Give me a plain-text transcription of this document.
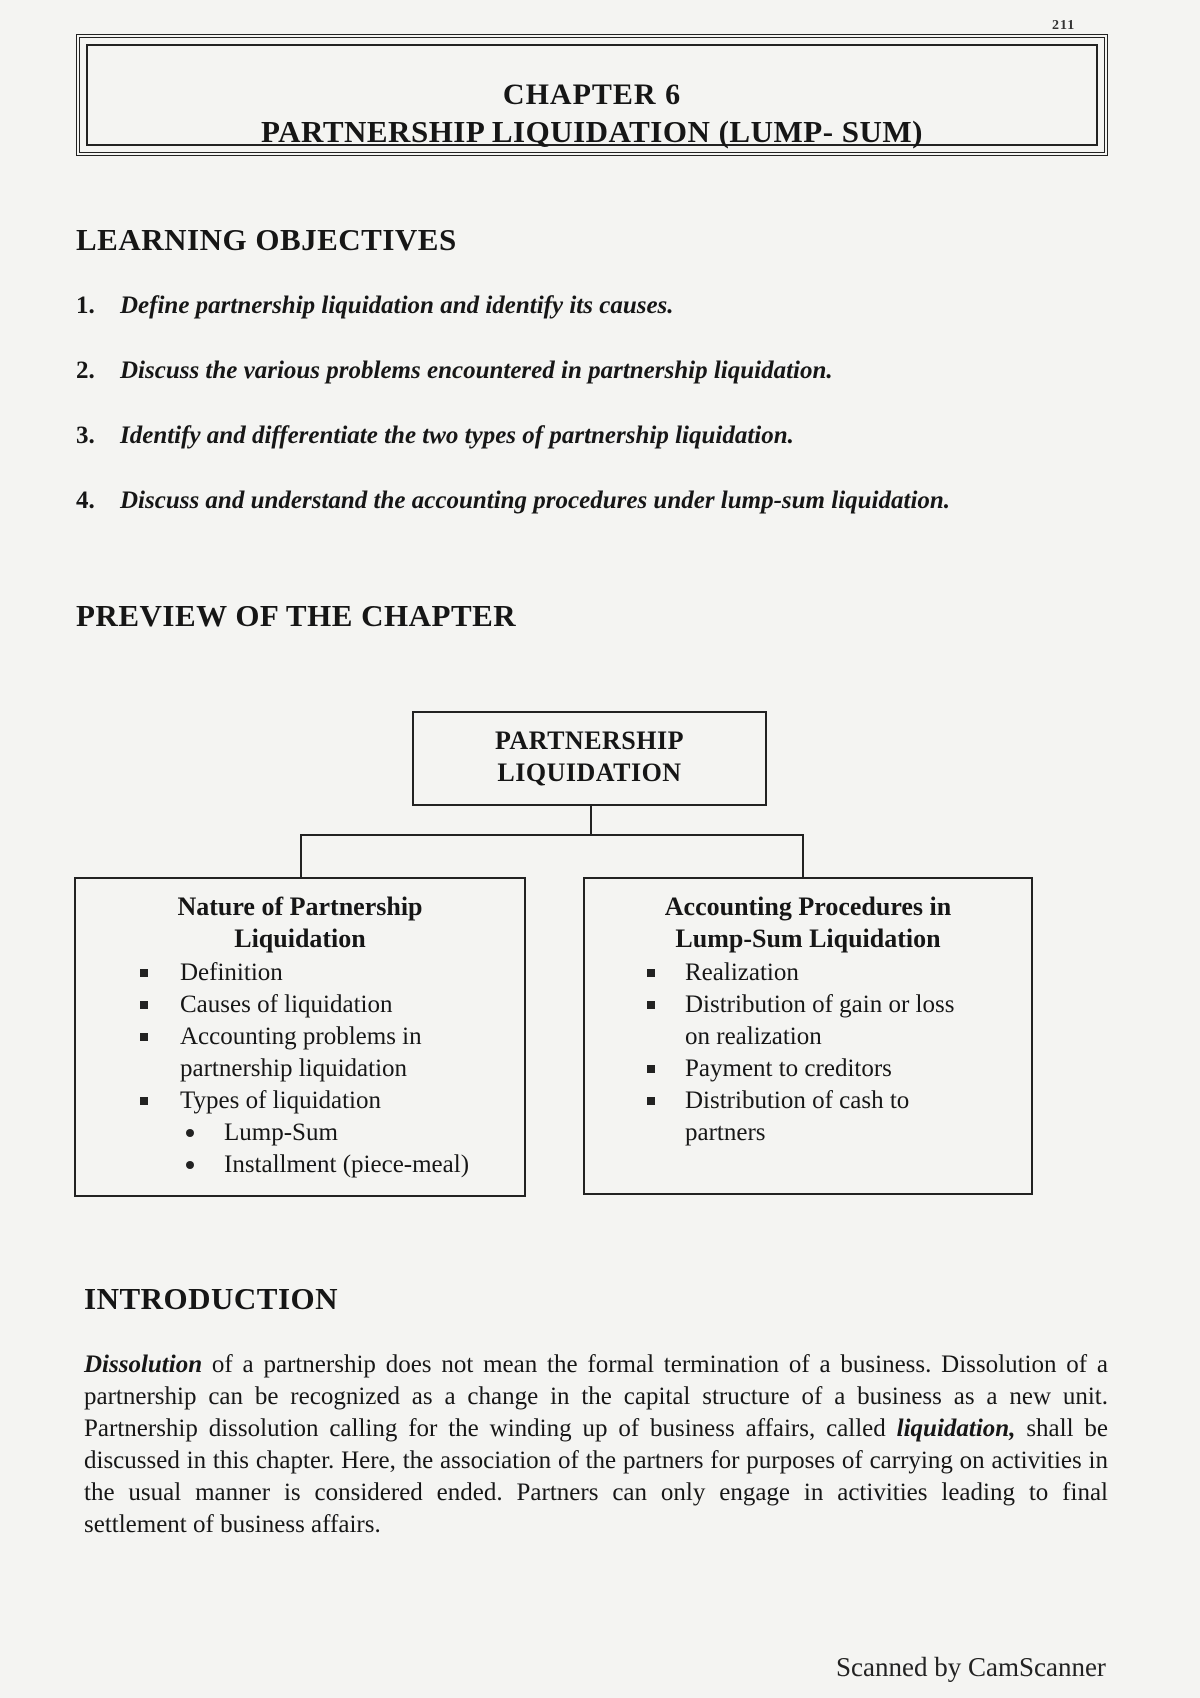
211
CHAPTER 6
PARTNERSHIP LIQUIDATION (LUMP- SUM)
LEARNING OBJECTIVES
1.	Define partnership liquidation and identify its causes.
2.	Discuss the various problems encountered in partnership liquidation.
3.	Identify and differentiate the two types of partnership liquidation.
4.	Discuss and understand the accounting procedures under lump-sum liquidation.
PREVIEW OF THE CHAPTER
PARTNERSHIP
LIQUIDATION
Nature of Partnership
Liquidation
Definition
Causes of liquidation
Accounting problems in
partnership liquidation
Types of liquidation
Lump-Sum
Installment (piece-meal)
Accounting Procedures in
Lump-Sum Liquidation
Realization
Distribution of gain or loss
on realization
Payment to creditors
Distribution of cash to
partners
INTRODUCTION
Dissolution of a partnership does not mean the formal termination of a business. Dissolution of a partnership can be recognized as a change in the capital structure of a business as a new unit. Partnership dissolution calling for the winding up of business affairs, called liquidation, shall be discussed in this chapter. Here, the association of the partners for purposes of carrying on activities in the usual manner is considered ended. Partners can only engage in activities leading to final settlement of business affairs.
Scanned by CamScanner
